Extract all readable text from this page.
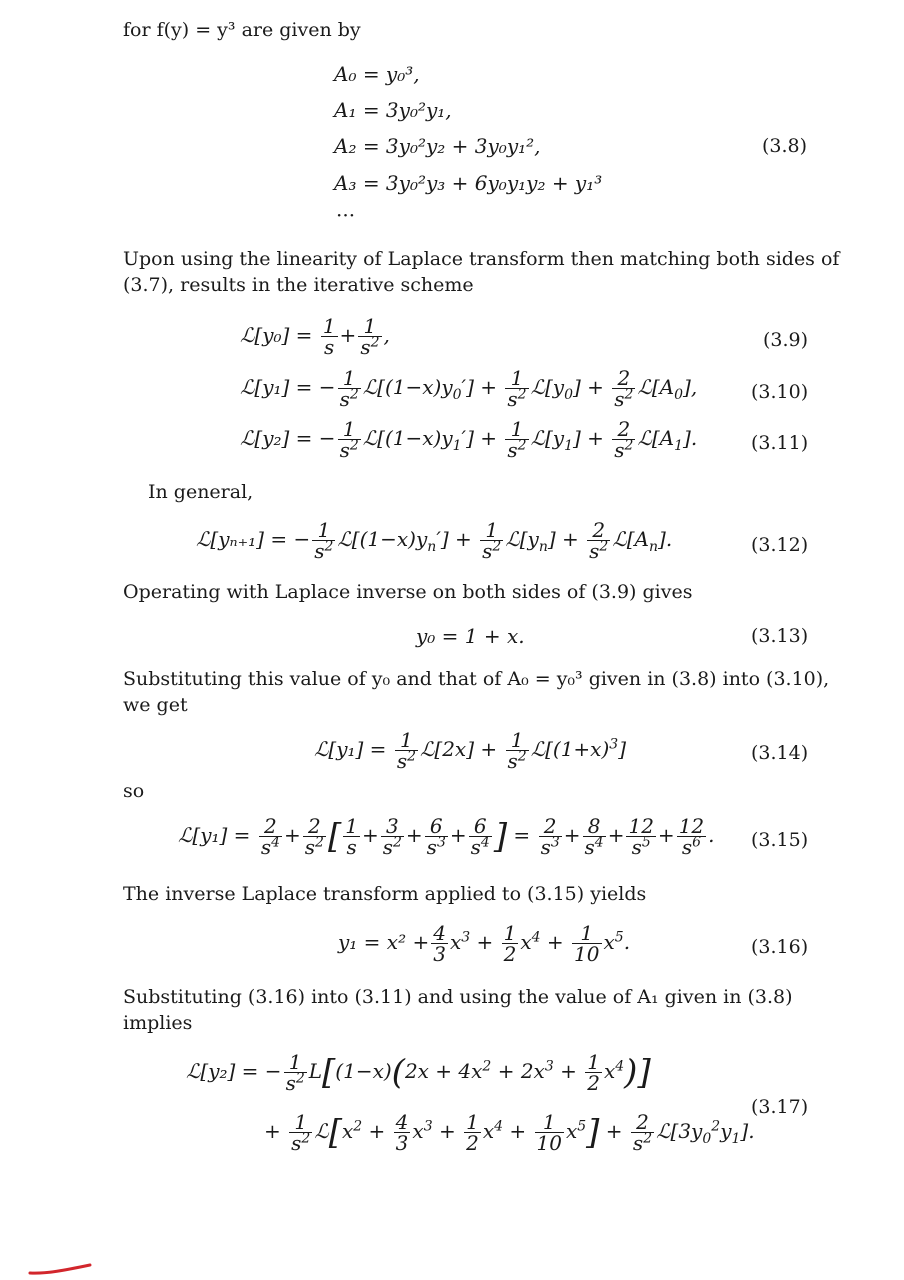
for f(y) = y³ are given by
A₀ = y₀³,
A₁ = 3y₀²y₁,
A₂ = 3y₀²y₂ + 3y₀y₁²,
A₃ = 3y₀²y₃ + 6y₀y₁y₂ + y₁³
···
(3.8)
Upon using the linearity of Laplace transform then matching both sides of
(3.7), results in the iterative scheme
ℒ[y₀] = $\frac{1}{s} + \frac{1}{s^2}$ ,	(3.9)
ℒ[y₁] = − $\frac{1}{s^2}$ $ℒ[(1-x)y_0'] + \frac{1}{s^2}$ $ℒ[y_0] + \frac{2}{s^2}$ $ℒ[A_0]$,	(3.10)
ℒ[y₂] = − $\frac{1}{s^2}$ $ℒ[(1-x)y_1'] + \frac{1}{s^2}$ $ℒ[y_1] + \frac{2}{s^2}$ $ℒ[A_1]$.	(3.11)
In general,
ℒ[yₙ₊₁] = − $\frac{1}{s^2}$ $ℒ[(1-x)y_n'] + \frac{1}{s^2}$ $ℒ[y_n] + \frac{2}{s^2}$ $ℒ[A_n]$.	(3.12)
Operating with Laplace inverse on both sides of (3.9) gives
y₀ = 1 + x.	(3.13)
Substituting this value of y₀ and that of A₀ = y₀³ given in (3.8) into (3.10),
we get
ℒ[y₁] = $\frac{1}{s^2}$ ℒ[2x] + $\frac{1}{s^2}$ $ℒ[(1+x)^3]$	(3.14)
so
ℒ[y₁] = $\frac{2}{s^4} + \frac{2}{s^2}$ [ $\frac{1}{s} + \frac{3}{s^2} + \frac{6}{s^3} + \frac{6}{s^4}$ ] = $\frac{2}{s^3} + \frac{8}{s^4} + \frac{12}{s^5} + \frac{12}{s^6}$ . (3.15)
The inverse Laplace transform applied to (3.15) yields
$y_1 = x^2 + \frac{4}{3} x^3 + \frac{1}{2} x^4 + \frac{1}{10} x^5$.	(3.16)
Substituting (3.16) into (3.11) and using the value of A₁ given in (3.8)
implies
ℒ[y₂] = − $\frac{1}{s^2} L[(1-x)(2x + 4x^2 + 2x^3 + \frac{1}{2} x^4)]$
+ $\frac{1}{s^2}$ $ℒ[x^2 + \frac{4}{3} x^3 + \frac{1}{2} x^4 + \frac{1}{10} x^5] + \frac{2}{s^2}$ $ℒ[3y_0^2y_1]$.
(3.17)
